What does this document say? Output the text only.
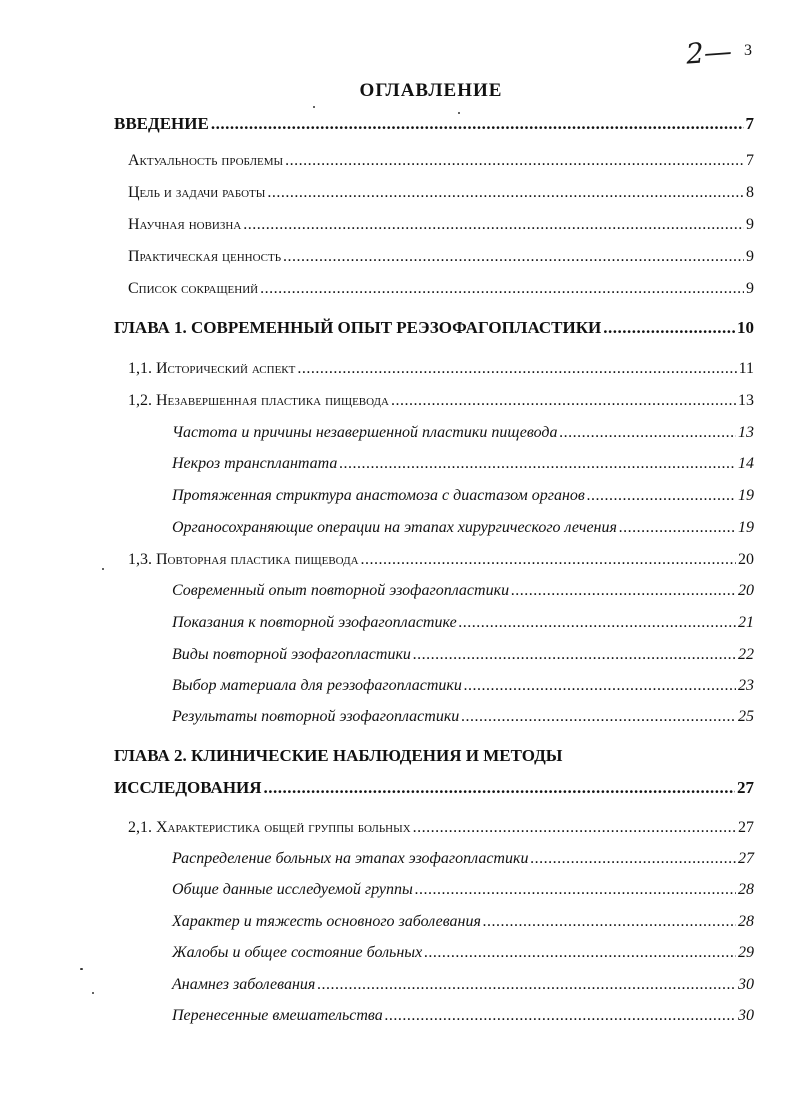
2— 3
ОГЛАВЛЕНИЕ
ВВЕДЕНИЕ .....	7
Актуальность проблемы .....	7
Цель и задачи работы .....	8
Научная новизна .....	9
Практическая ценность .....	9
Список сокращений .....	9
ГЛАВА 1. СОВРЕМЕННЫЙ ОПЫТ РЕЭЗОФАГОПЛАСТИКИ .....	10
1,1. Исторический аспект .....	11
1,2. Незавершенная пластика пищевода .....	13
Частота и причины незавершенной пластики пищевода .....	13
Некроз трансплантата .....	14
Протяженная стриктура анастомоза с диастазом органов .....	19
Органосохраняющие операции на этапах хирургического лечения .....	19
1,3. Повторная пластика пищевода .....	20
Современный опыт повторной эзофагопластики .....	20
Показания к повторной эзофагопластике .....	21
Виды повторной эзофагопластики .....	22
Выбор материала для реэзофагопластики .....	23
Результаты повторной эзофагопластики .....	25
ГЛАВА 2. КЛИНИЧЕСКИЕ НАБЛЮДЕНИЯ И МЕТОДЫ
ИССЛЕДОВАНИЯ .....	27
2,1. Характеристика общей группы больных .....	27
Распределение больных на этапах эзофагопластики .....	27
Общие данные исследуемой группы .....	28
Характер и тяжесть основного заболевания .....	28
Жалобы и общее состояние больных .....	29
Анамнез заболевания .....	30
Перенесенные вмешательства .....	30
